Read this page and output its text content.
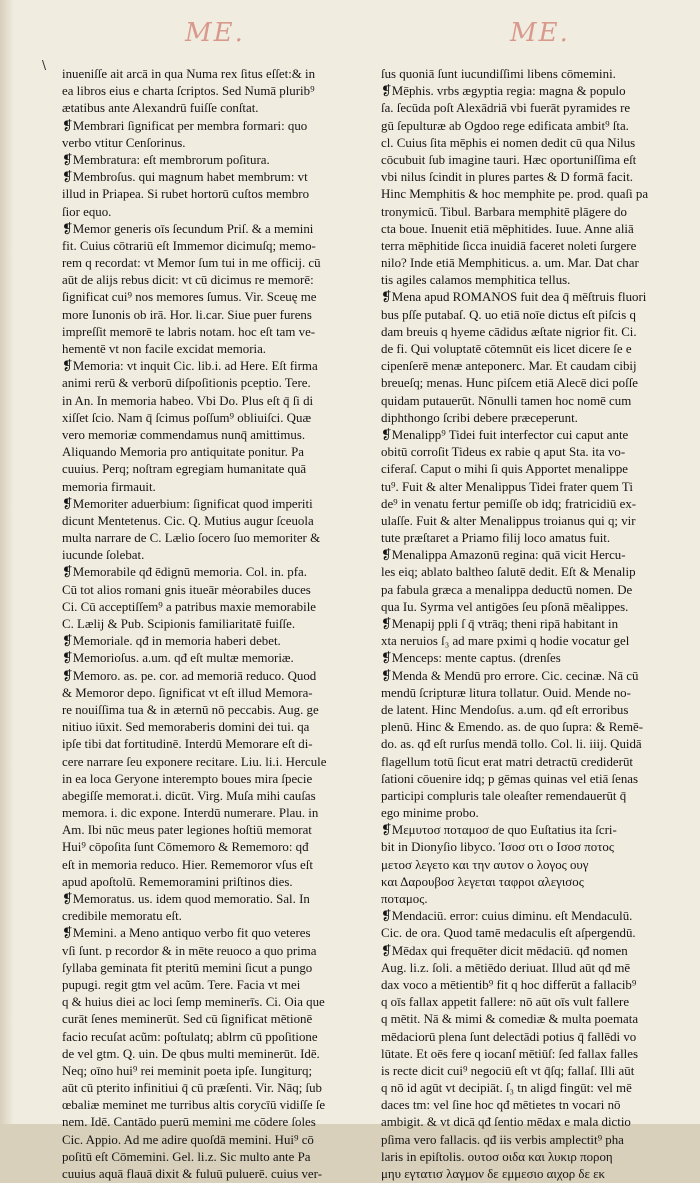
ME.	ME.
\
inueniſſe ait arcā in qua Numa rex ſitus eſſet:& in
ea libros eius e charta ſcriptos. Sed Numā plurib⁹
ætatibus ante Alexandrū fuiſſe conſtat.
❡Membrari ſignificat per membra formari: quo
verbo vtitur Cenſorinus.
❡Membratura: eſt membrorum poſitura.
❡Membroſus. qui magnum habet membrum: vt
illud in Priapea. Si rubet hortorū cuſtos membro
ſior equo.
❡Memor generis oīs ſecundum Priſ. & a memini
fit. Cuius cōtrariū eſt Immemor dicimuſq; memo-
rem q recordat: vt Memor ſum tui in me officij. cū
aūt de alijs rebus dicit: vt cū dicimus re memorē:
ſignificat cui⁹ nos memores ſumus. Vir. Sceuę me
more Iunonis ob irā. Hor. li.car. Siue puer furens
impreſſit memorē te labris notam. hoc eſt tam ve-
hementē vt non facile excidat memoria.
❡Memoria: vt inquit Cic. lib.i. ad Here. Eſt firma
animi rerū & verborū diſpoſitionis pceptio. Tere.
in An. In memoria habeo. Vbi Do. Plus eſt q̄ ſi di
xiſſet ſcio. Nam q̄ ſcimus poſſum⁹ obliuiſci. Quæ
vero memoriæ commendamus nunq̄ amittimus.
Aliquando Memoria pro antiquitate ponitur. Pa
cuuius. Perq; noſtram egregiam humanitate quā
memoria firmauit.
❡Memoriter aduerbium: ſignificat quod imperiti
dicunt Mentetenus. Cic. Q. Mutius augur ſceuola
multa narrare de C. Lælio ſocero ſuo memoriter &
iucunde ſolebat.
❡Memorabile qđ ēdignū memoria. Col. in. pfa.
Cū tot alios romani gnis itueār mėorabiles duces
Ci. Cū acceptiſſem⁹ a patribus maxie memorabile
C. Lælij & Pub. Scipionis familiaritatē fuiſſe.
❡Memoriale. qđ in memoria haberi debet.
❡Memorioſus. a.um. qđ eſt multæ memoriæ.
❡Memoro. as. pe. cor. ad memoriā reduco. Quod
& Memoror depo. ſignificat vt eſt illud Memora-
re nouiſſima tua & in æternū nō peccabis. Aug. ge
nitiuo iūxit. Sed memoraberis domini dei tui. qa
ipſe tibi dat fortitudinē. Interdū Memorare eſt di-
cere narrare ſeu exponere recitare. Liu. li.i. Hercule
in ea loca Geryone interempto boues mira ſpecie
abegiſſe memorat.i. dicūt. Virg. Muſa mihi cauſas
memora. i. dic expone. Interdū numerare. Plau. in
Am. Ibi nūc meus pater legiones hoſtiū memorat
Hui⁹ cōpoſita ſunt Cōmemoro & Rememoro: qđ
eſt in memoria reduco. Hier. Rememoror vſus eſt
apud apoſtolū. Rememoramini priſtinos dies.
❡Memoratus. us. idem quod memoratio. Sal. In
credibile memoratu eſt.
❡Memini. a Meno antiquo verbo fit quo veteres
vſi ſunt. p recordor & in mēte reuoco a quo prima
ſyllaba geminata fit pteritū memini ſicut a pungo
pupugi. regit gtm vel acũm. Tere. Facia vt mei
q & huius diei ac loci ſemp meminerīs. Ci. Oia que
curāt ſenes meminerūt. Sed cū ſignificat mētionē
facio recuſat acũm: poſtulatq; ablrm cū ppoſitione
de vel gtm. Q. uin. De qbus multi meminerūt. Idē.
Neq; oīno hui⁹ rei meminit poeta ipſe. Iungiturq;
aūt cū pterito infinitiui q̄ cū præſenti. Vir. Nāq; ſub
œbaliæ meminet me turribus altis corycīū vidiſſe ſe
nem. Idē. Cantādo puerū memini me cōdere ſoles
Cic. Appio. Ad me adire quoſdā memini. Hui⁹ cō
poſitū eſt Cōmemini. Gel. li.z. Sic multo ante Pa
cuuius aquā flauā dixit & fuluū puluerē. cuius ver-
ſus quoniā ſunt iucundiſſimi libens cōmemini.
❡Mēphis. vrbs ægyptia regia: magna & populo
ſa. ſecūda poſt Alexādriā vbi fuerāt pyramides re
gū ſepulturæ ab Ogdoo rege edificata ambit⁹ ſta.
cl. Cuius ſita mēphis ei nomen dedit cū qua Nilus
cōcubuit ſub imagine tauri. Hæc oportuniſſima eſt
vbi nilus ſcindit in plures partes & D formā facit.
Hinc Memphitis & hoc memphite pe. prod. quaſi pa
tronymicū. Tibul. Barbara memphitē plāgere do
cta boue. Inuenit etiā mēphitides. Iuue. Anne aliā
terra mēphitide ſicca inuidiā faceret noleti ſurgere
nilo? Inde etiā Memphiticus. a. um. Mar. Dat char
tis agiles calamos memphitica tellus.
❡Mena apud ROMANOS fuit dea q̄ mēſtruis fluori
bus pſſe putabaſ. Q. uo etiā noīe dictus eſt piſcis q
dam breuis q hyeme cādidus æſtate nigrior fit. Ci.
de fi. Qui voluptatē cōtemnūt eis licet dicere ſe e
cipenſerē menæ anteponerc. Mar. Et caudam cibij
breueſq; menas. Hunc piſcem etiā Alecē dici poſſe
quidam putauerūt. Nōnulli tamen hoc nomē cum
diphthongo ſcribi debere præceperunt.
❡Menalipp⁹ Tidei fuit interfector cui caput ante
obitū corroſit Tideus ex rabie q aput Sta. ita vo-
ciferaſ. Caput o mihi ſi quis Apportet menalippe
tu⁹. Fuit & alter Menalippus Tidei frater quem Ti
de⁹ in venatu fertur pemiſſe ob idq; fratricidiū ex-
ulaſſe. Fuit & alter Menalippus troianus qui q; vir
tute præſtaret a Priamo filij loco amatus fuit.
❡Menalippa Amazonū regina: quā vicit Hercu-
les eiq; ablato baltheo ſalutē dedit. Eſt & Menalip
pa fabula græca a menalippa deductū nomen. De
qua Iu. Syrma vel antigōes ſeu pſonā mēalippes.
❡Menapij ppli ſ q̄ vtrāq; theni ripā habitant in
xta neruios ſ₃ ad mare pximi q hodie vocatur gel
❡Menceps: mente captus. (drenſes
❡Menda & Mendū pro errore. Cic. cecinæ. Nā cū
mendū ſcripturæ litura tollatur. Ouid. Mende no-
de latent. Hinc Mendoſus. a.um. qđ eſt erroribus
plenū. Hinc & Emendo. as. de quo ſupra: & Remē-
do. as. qđ eſt rurſus mendā tollo. Col. li. iiij. Quidā
flagellum totū ſicut erat matri detractū crediderūt
ſationi cōuenire idq; p gēmas quinas vel etiā ſenas
participi compluris tale oleaſter remendauerūt q̄
ego minime probo.
❡Μεμυτοσ ποταμοσ de quo Euſtatius ita ſcri-
bit in Dionyſio libyco. Ἰσοσ οτι ο Ισοσ ποτος
μετοσ λεγετο και την αυτον ο λογος ουγ
και Δαρουβοσ λεγεται ταφροι αλεγισος
ποταμος.
❡Mendaciū. error: cuius diminu. eſt Mendaculū.
Cic. de ora. Quod tamē medaculis eſt aſpergendū.
❡Mēdax qui frequēter dicit mēdaciū. qđ nomen
Aug. li.z. ſoli. a mētiēdo deriuat. Illud aūt qđ mē
dax voco a mētientib⁹ fit q hoc differūt a fallacib⁹
q oīs fallax appetit fallere: nō aūt oīs vult fallere
q mētit. Nā & mimi & comediæ & multa poemata
mēdaciorū plena ſunt delectādi potius q̄ fallēdi vo
lūtate. Et oēs fere q iocanſ mētiūſ: ſed fallax falles
is recte dicit cui⁹ negociū eſt vt q̄ſq; fallaſ. Illi aūt
q nō id agūt vt decipiāt. ſ₃ tn aligd fingūt: vel mē
daces tm: vel ſine hoc qđ mētietes tn vocari nō
ambigit. & vt dicā qđ ſentio mēdax e mala dictio
pſima vero fallacis. qđ iis verbis amplectit⁹ pha
laris in epiſtolis. ουτοσ οιδα και λυκιρ ποροη
μηυ εγτατισ λαγμον δε εμμεσιο αιχορ δε εκ
